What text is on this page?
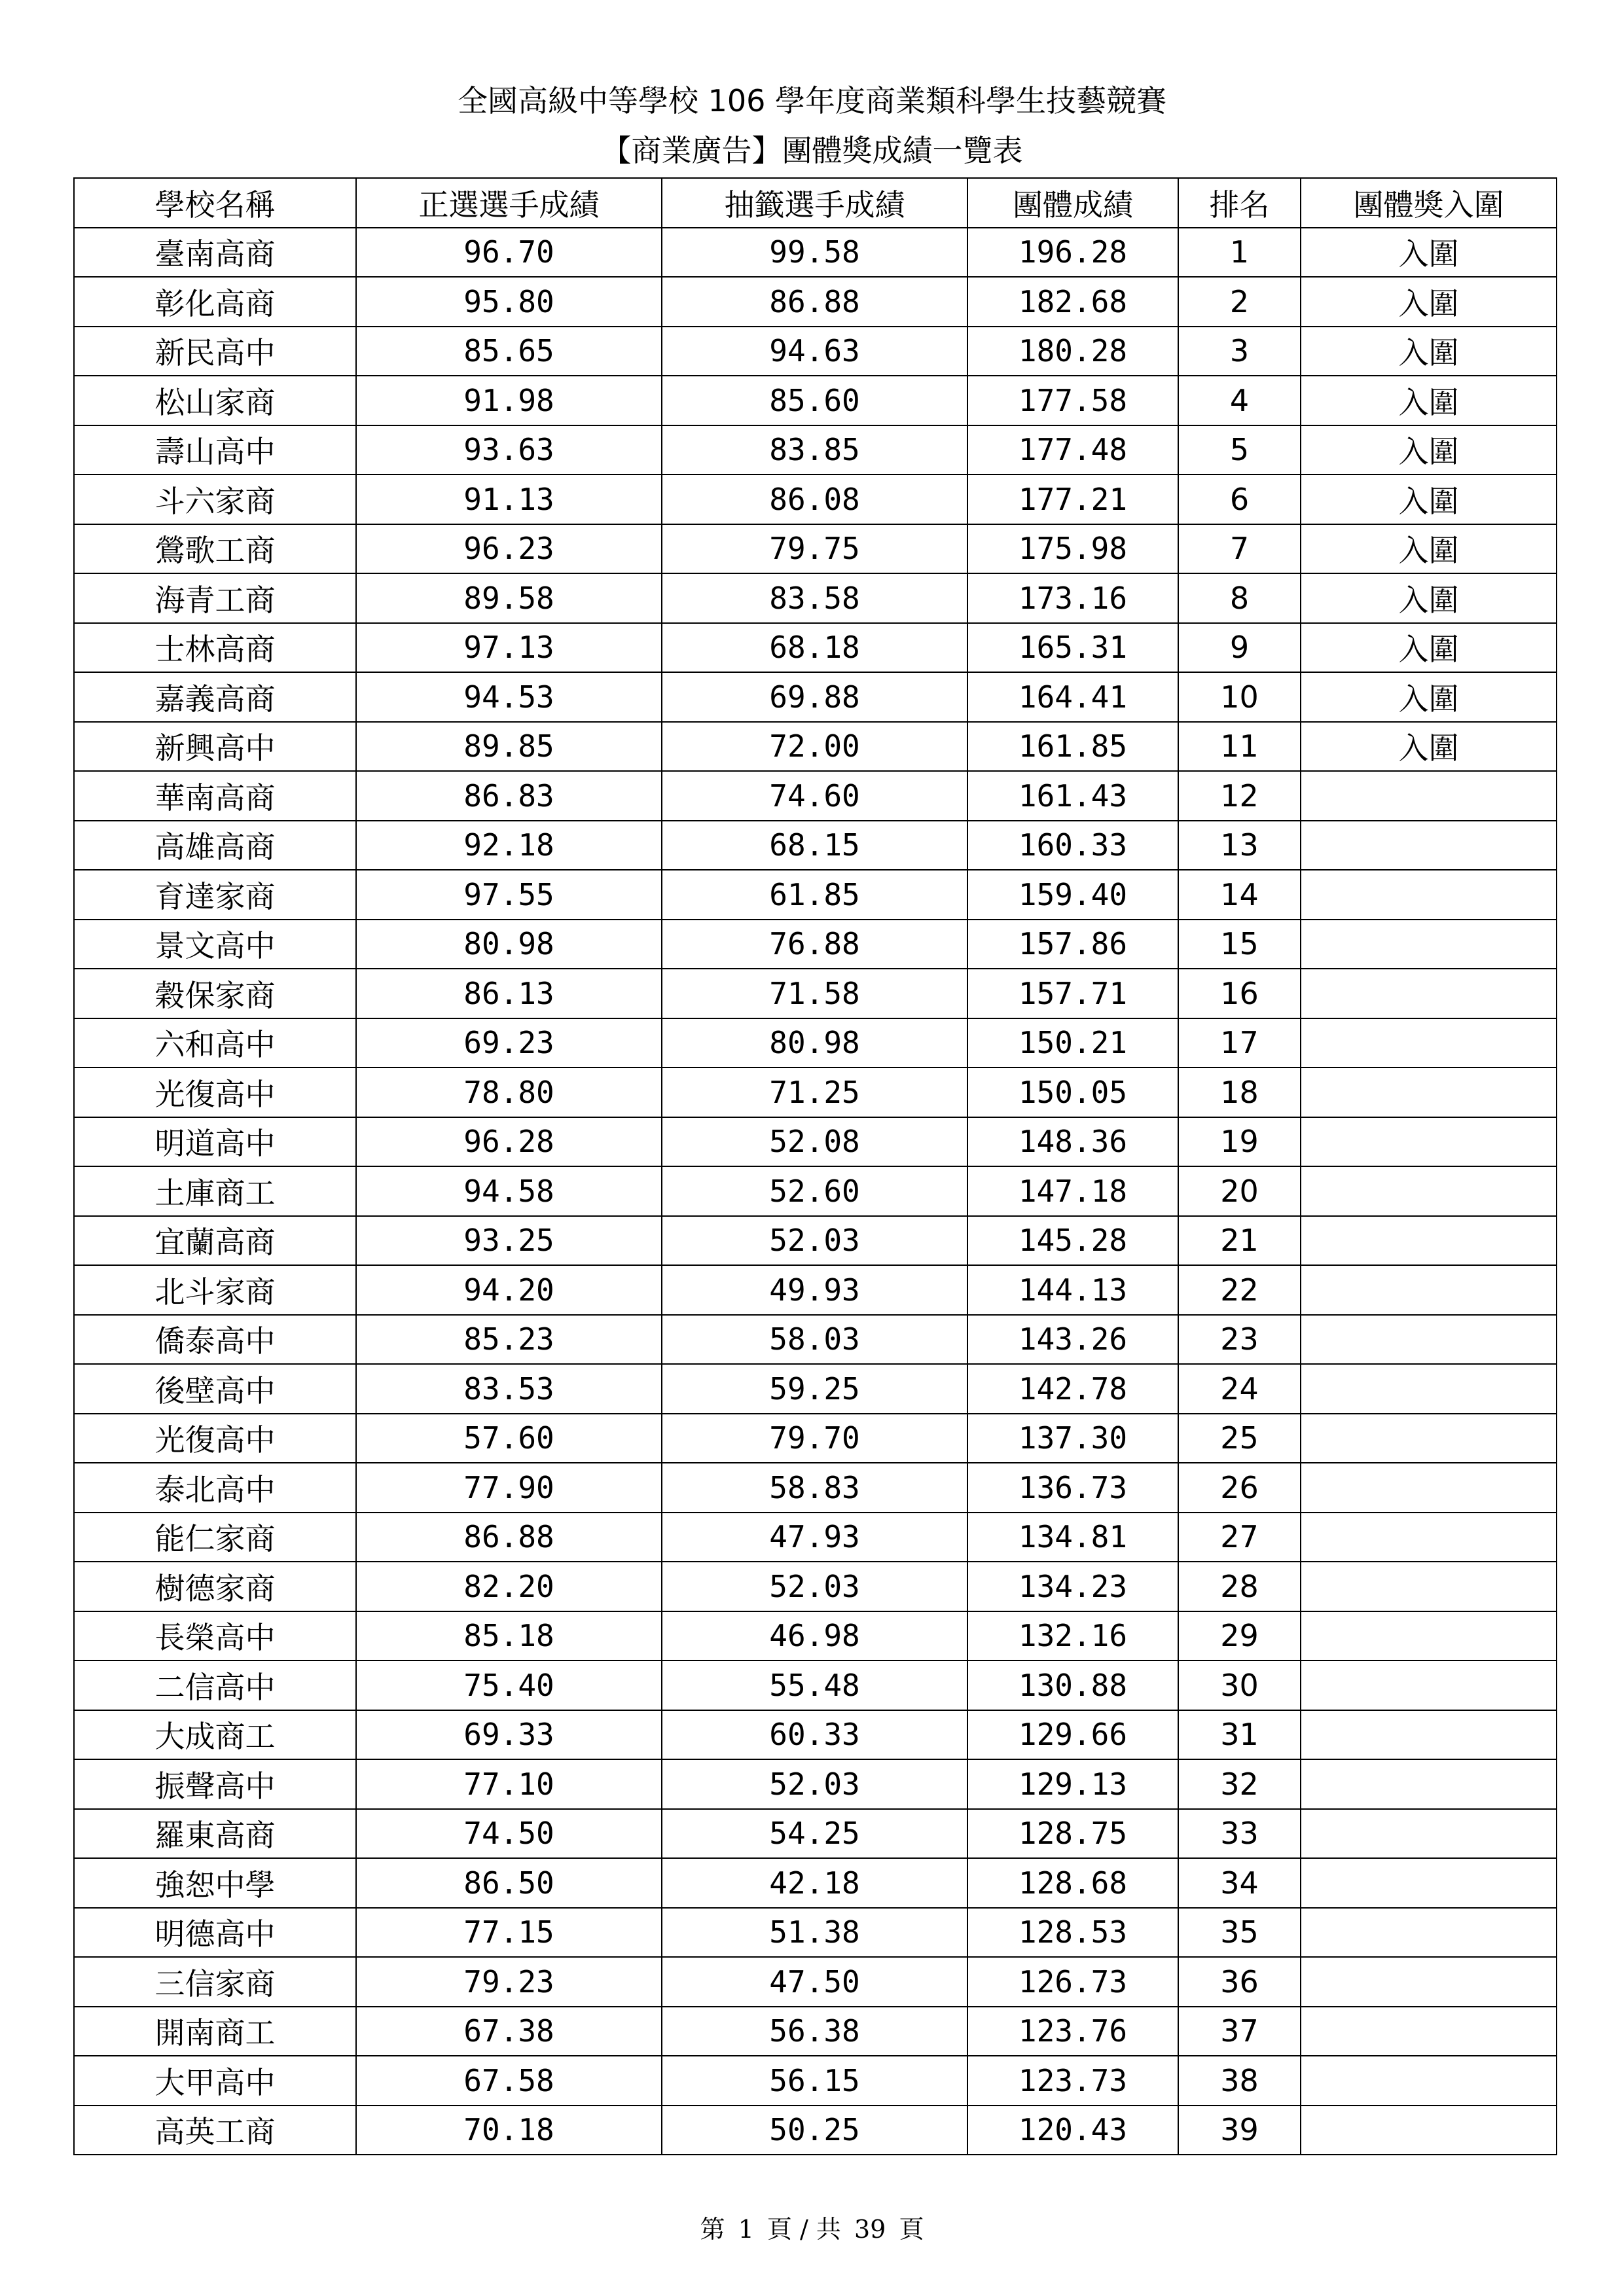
全國高級中等學校 106 學年度商業類科學生技藝競賽
【商業廣告】團體獎成績一覽表
學校名稱	正選選手成績	抽籤選手成績	團體成績	排名	團體獎入圍
臺南高商	96.70	99.58	196.28	1	入圍
彰化高商	95.80	86.88	182.68	2	入圍
新民高中	85.65	94.63	180.28	3	入圍
松山家商	91.98	85.60	177.58	4	入圍
壽山高中	93.63	83.85	177.48	5	入圍
斗六家商	91.13	86.08	177.21	6	入圍
鶯歌工商	96.23	79.75	175.98	7	入圍
海青工商	89.58	83.58	173.16	8	入圍
士林高商	97.13	68.18	165.31	9	入圍
嘉義高商	94.53	69.88	164.41	10	入圍
新興高中	89.85	72.00	161.85	11	入圍
華南高商	86.83	74.60	161.43	12	
高雄高商	92.18	68.15	160.33	13	
育達家商	97.55	61.85	159.40	14	
景文高中	80.98	76.88	157.86	15	
穀保家商	86.13	71.58	157.71	16	
六和高中	69.23	80.98	150.21	17	
光復高中	78.80	71.25	150.05	18	
明道高中	96.28	52.08	148.36	19	
土庫商工	94.58	52.60	147.18	20	
宜蘭高商	93.25	52.03	145.28	21	
北斗家商	94.20	49.93	144.13	22	
僑泰高中	85.23	58.03	143.26	23	
後壁高中	83.53	59.25	142.78	24	
光復高中	57.60	79.70	137.30	25	
泰北高中	77.90	58.83	136.73	26	
能仁家商	86.88	47.93	134.81	27	
樹德家商	82.20	52.03	134.23	28	
長榮高中	85.18	46.98	132.16	29	
二信高中	75.40	55.48	130.88	30	
大成商工	69.33	60.33	129.66	31	
振聲高中	77.10	52.03	129.13	32	
羅東高商	74.50	54.25	128.75	33	
強恕中學	86.50	42.18	128.68	34	
明德高中	77.15	51.38	128.53	35	
三信家商	79.23	47.50	126.73	36	
開南商工	67.38	56.38	123.76	37	
大甲高中	67.58	56.15	123.73	38	
高英工商	70.18	50.25	120.43	39	
第 1 頁 / 共 39 頁
